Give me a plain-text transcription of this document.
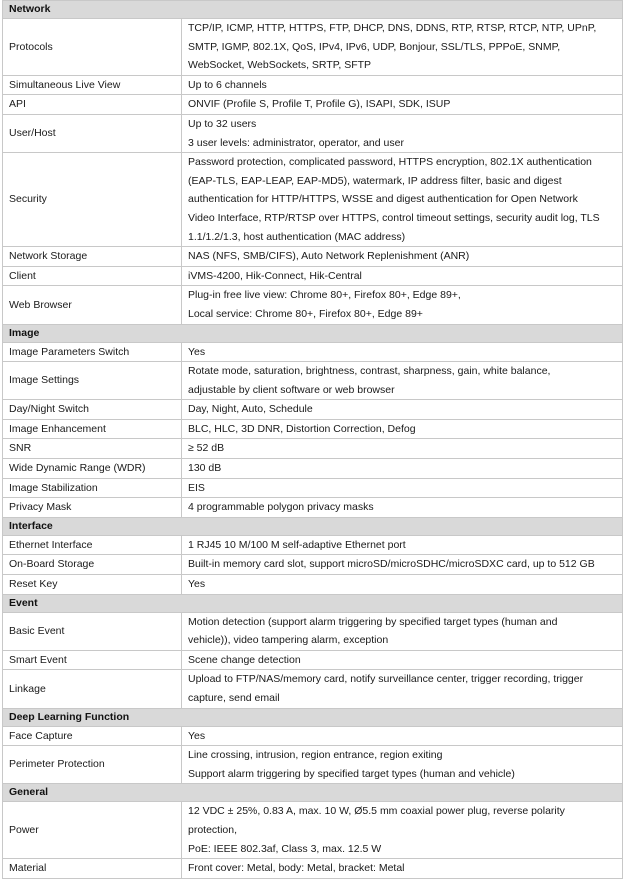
Network	
Protocols	TCP/IP, ICMP, HTTP, HTTPS, FTP, DHCP, DNS, DDNS, RTP, RTSP, RTCP, NTP, UPnP,
SMTP, IGMP, 802.1X, QoS, IPv4, IPv6, UDP, Bonjour, SSL/TLS, PPPoE, SNMP,
WebSocket, WebSockets, SRTP, SFTP

Simultaneous Live View	Up to 6 channels

API	ONVIF (Profile S, Profile T, Profile G), ISAPI, SDK, ISUP

User/Host	Up to 32 users
3 user levels: administrator, operator, and user

Security	Password protection, complicated password, HTTPS encryption, 802.1X authentication
(EAP-TLS, EAP-LEAP, EAP-MD5), watermark, IP address filter, basic and digest
authentication for HTTP/HTTPS, WSSE and digest authentication for Open Network
Video Interface, RTP/RTSP over HTTPS, control timeout settings, security audit log, TLS
1.1/1.2/1.3, host authentication (MAC address)

Network Storage	NAS (NFS, SMB/CIFS), Auto Network Replenishment (ANR)

Client	iVMS-4200, Hik-Connect, Hik-Central

Web Browser	Plug-in free live view: Chrome 80+, Firefox 80+, Edge 89+,
Local service: Chrome 80+, Firefox 80+, Edge 89+

Image	
Image Parameters Switch	Yes

Image Settings	Rotate mode, saturation, brightness, contrast, sharpness, gain, white balance,
adjustable by client software or web browser

Day/Night Switch	Day, Night, Auto, Schedule

Image Enhancement	BLC, HLC, 3D DNR, Distortion Correction, Defog

SNR	≥ 52 dB

Wide Dynamic Range (WDR)	130 dB

Image Stabilization	EIS

Privacy Mask	4 programmable polygon privacy masks

Interface	
Ethernet Interface	1 RJ45 10 M/100 M self-adaptive Ethernet port

On-Board Storage	Built-in memory card slot, support microSD/microSDHC/microSDXC card, up to 512 GB

Reset Key	Yes

Event	
Basic Event	Motion detection (support alarm triggering by specified target types (human and
vehicle)), video tampering alarm, exception

Smart Event	Scene change detection

Linkage	Upload to FTP/NAS/memory card, notify surveillance center, trigger recording, trigger
capture, send email

Deep Learning Function	
Face Capture	Yes

Perimeter Protection	Line crossing, intrusion, region entrance, region exiting
Support alarm triggering by specified target types (human and vehicle)

General	
Power	12 VDC ± 25%, 0.83 A, max. 10 W, Ø5.5 mm coaxial power plug, reverse polarity
protection,
PoE: IEEE 802.3af, Class 3, max. 12.5 W

Material	Front cover: Metal, body: Metal, bracket: Metal
